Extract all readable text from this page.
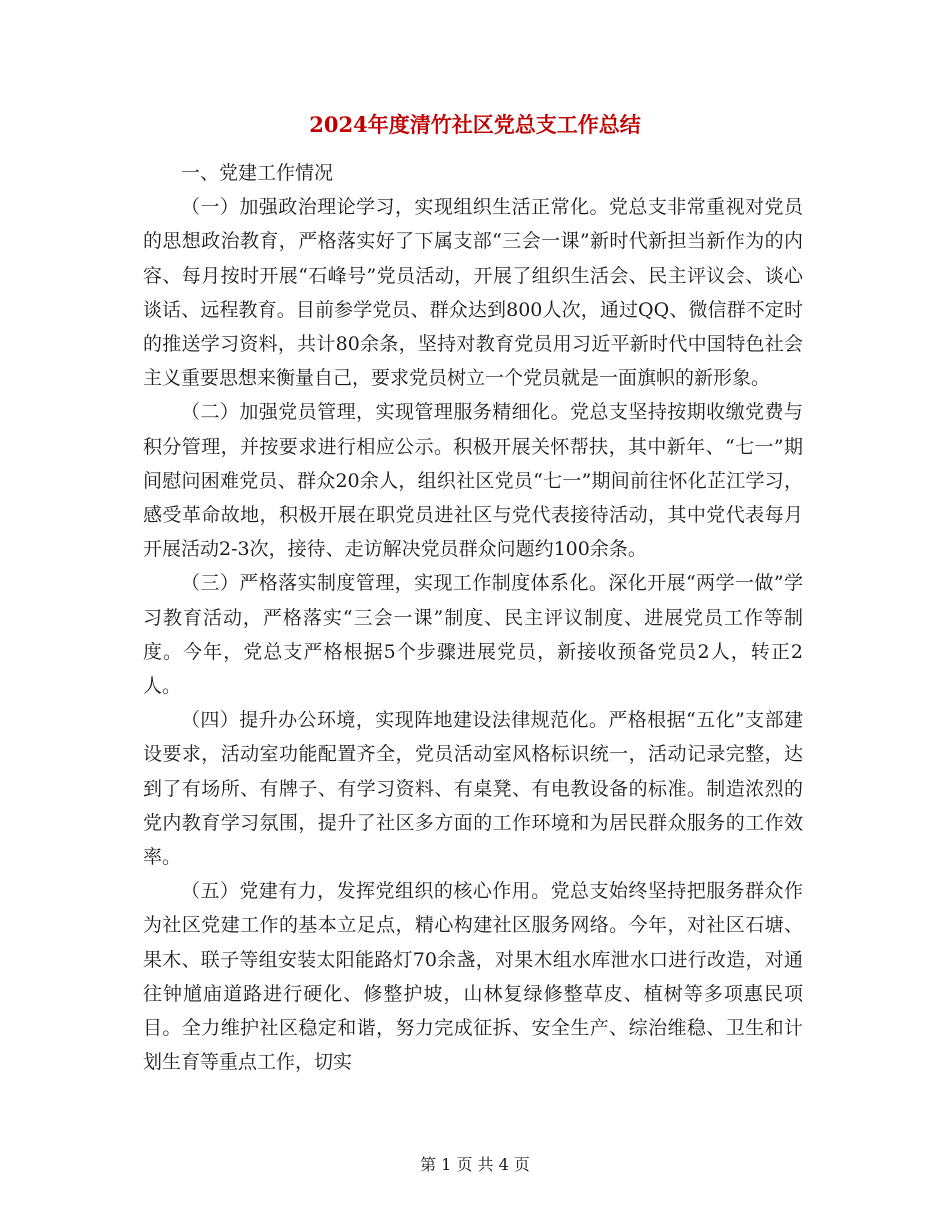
2024年度清竹社区党总支工作总结

一、党建工作情况

（一）加强政治理论学习，实现组织生活正常化。党总支非常重视对党员的思想政治教育，严格落实好了下属支部“三会一课”新时代新担当新作为的内容、每月按时开展“石峰号”党员活动，开展了组织生活会、民主评议会、谈心谈话、远程教育。目前参学党员、群众达到800人次，通过QQ、微信群不定时的推送学习资料，共计80余条，坚持对教育党员用习近平新时代中国特色社会主义重要思想来衡量自己，要求党员树立一个党员就是一面旗帜的新形象。

（二）加强党员管理，实现管理服务精细化。党总支坚持按期收缴党费与积分管理，并按要求进行相应公示。积极开展关怀帮扶，其中新年、“七一”期间慰问困难党员、群众20余人，组织社区党员“七一”期间前往怀化芷江学习，感受革命故地，积极开展在职党员进社区与党代表接待活动，其中党代表每月开展活动2-3次，接待、走访解决党员群众问题约100余条。

（三）严格落实制度管理，实现工作制度体系化。深化开展“两学一做”学习教育活动，严格落实“三会一课”制度、民主评议制度、进展党员工作等制度。今年，党总支严格根据5个步骤进展党员，新接收预备党员2人，转正2人。

（四）提升办公环境，实现阵地建设法律规范化。严格根据“五化”支部建设要求，活动室功能配置齐全，党员活动室风格标识统一，活动记录完整，达到了有场所、有牌子、有学习资料、有桌凳、有电教设备的标准。制造浓烈的党内教育学习氛围，提升了社区多方面的工作环境和为居民群众服务的工作效率。

（五）党建有力，发挥党组织的核心作用。党总支始终坚持把服务群众作为社区党建工作的基本立足点，精心构建社区服务网络。今年，对社区石塘、果木、联子等组安装太阳能路灯70余盏，对果木组水库泄水口进行改造，对通往钟馗庙道路进行硬化、修整护坡，山林复绿修整草皮、植树等多项惠民项目。全力维护社区稳定和谐，努力完成征拆、安全生产、综治维稳、卫生和计划生育等重点工作，切实

第 1 页 共 4 页
